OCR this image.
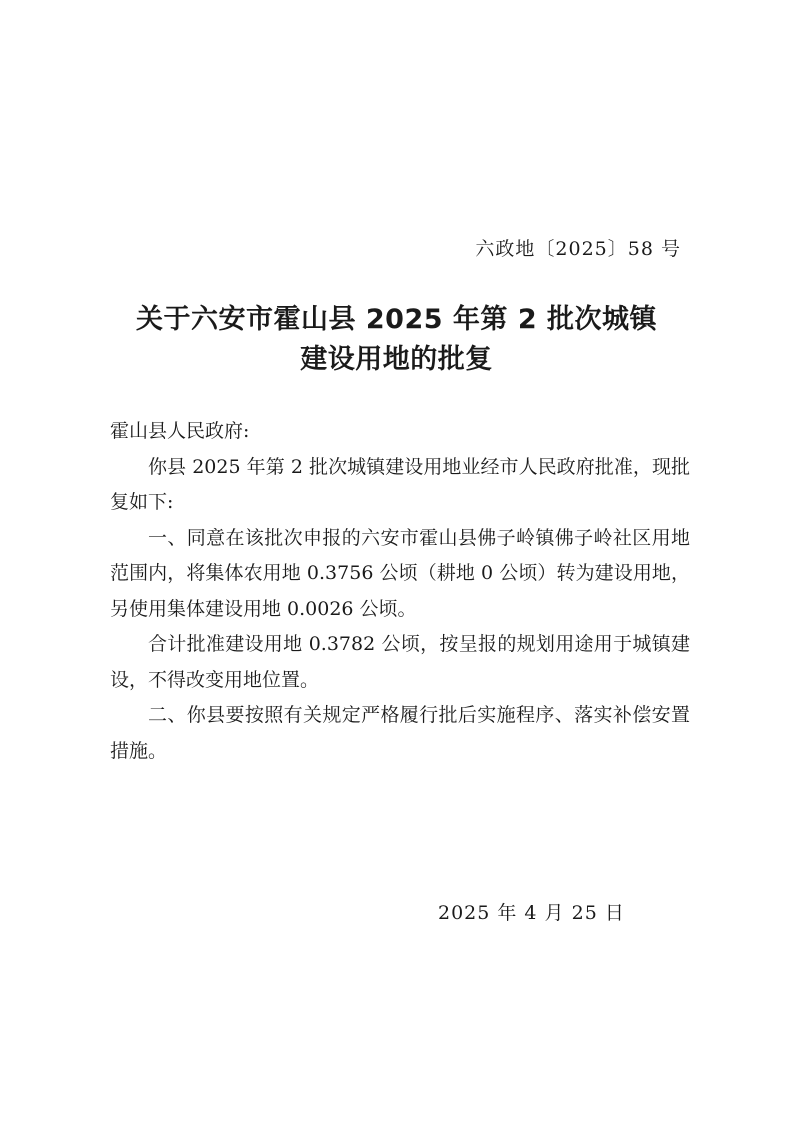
六政地〔2025〕58 号
关于六安市霍山县 2025 年第 2 批次城镇
建设用地的批复

霍山县人民政府:

你县 2025 年第 2 批次城镇建设用地业经市人民政府批准，现批复如下:

一、同意在该批次申报的六安市霍山县佛子岭镇佛子岭社区用地范围内，将集体农用地 0.3756 公顷（耕地 0 公顷）转为建设用地，另使用集体建设用地 0.0026 公顷。

合计批准建设用地 0.3782 公顷，按呈报的规划用途用于城镇建设，不得改变用地位置。

二、你县要按照有关规定严格履行批后实施程序、落实补偿安置措施。

2025 年 4 月 25 日
